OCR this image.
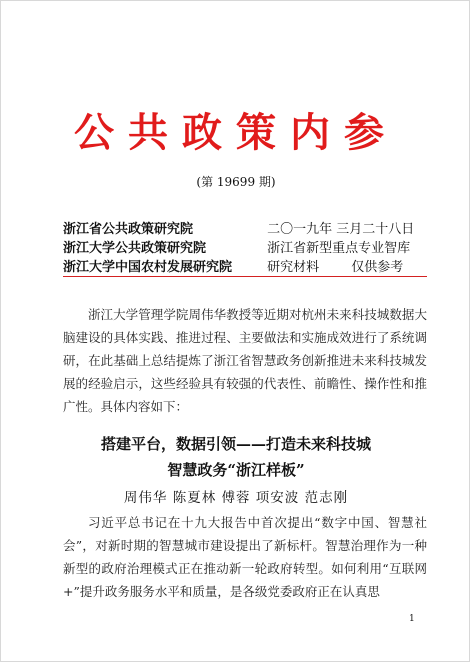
公共政策内参
(第 19699 期)
浙江省公共政策研究院	二〇一九年 三月二十八日
浙江大学公共政策研究院	浙江省新型重点专业智库
浙江大学中国农村发展研究院	研究材料 仅供参考
浙江大学管理学院周伟华教授等近期对杭州未来科技城数据大脑建设的具体实践、推进过程、主要做法和实施成效进行了系统调研，在此基础上总结提炼了浙江省智慧政务创新推进未来科技城发展的经验启示，这些经验具有较强的代表性、前瞻性、操作性和推广性。具体内容如下：
搭建平台，数据引领——打造未来科技城
智慧政务“浙江样板”
周伟华 陈夏林 傅蓉 项安波 范志刚
习近平总书记在十九大报告中首次提出“数字中国、智慧社会”，对新时期的智慧城市建设提出了新标杆。智慧治理作为一种新型的政府治理模式正在推动新一轮政府转型。如何利用“互联网+”提升政务服务水平和质量，是各级党委政府正在认真思
1
